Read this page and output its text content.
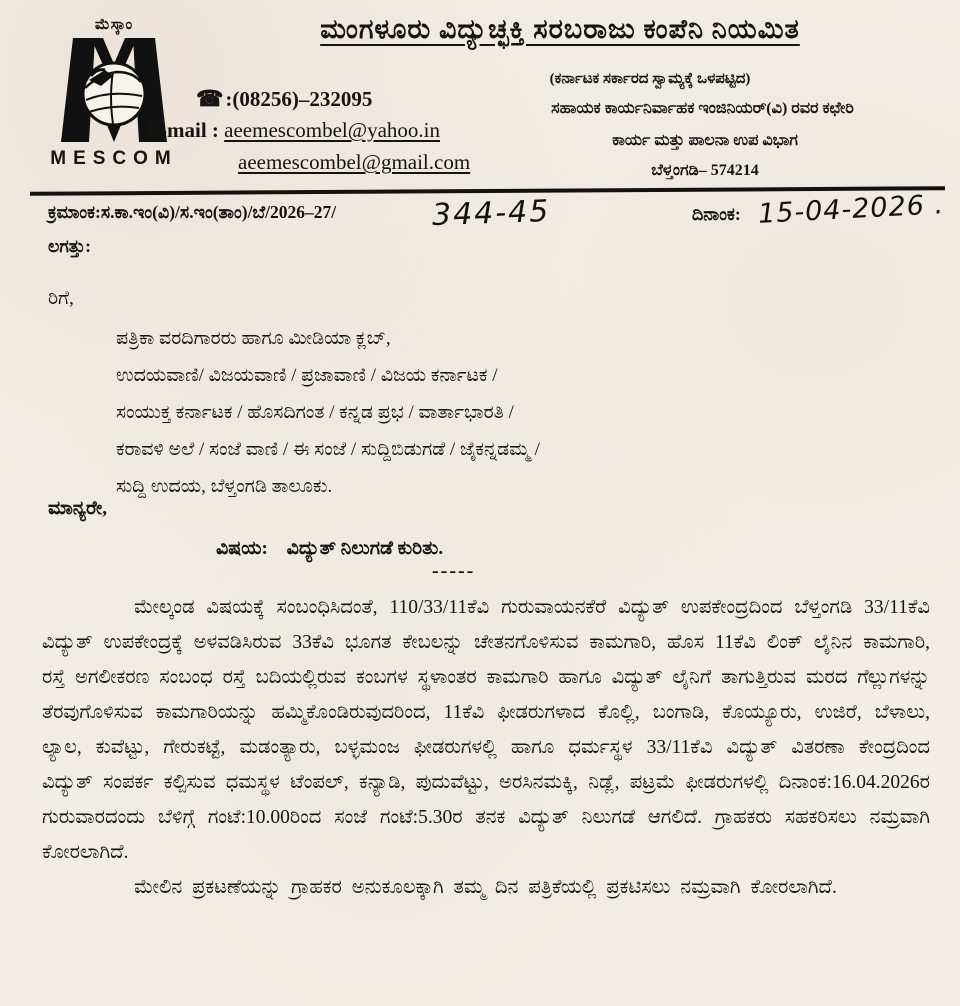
ಮೆಸ್ಕಾಂ
MESCOM
ಮಂಗಳೂರು ವಿದ್ಯುಚ್ಛಕ್ತಿ ಸರಬರಾಜು ಕಂಪೆನಿ ನಿಯಮಿತ
(ಕರ್ನಾಟಕ ಸರ್ಕಾರದ ಸ್ವಾಮ್ಯಕ್ಕೆ ಒಳಪಟ್ಟಿದ)
☎:(08256)–232095	ಸಹಾಯಕ ಕಾರ್ಯನಿರ್ವಾಹಕ ಇಂಜಿನಿಯರ್(ವಿ) ರವರ ಕಛೇರಿ
ಕಾರ್ಯ ಮತ್ತು ಪಾಲನಾ ಉಪ ವಿಭಾಗ
ಬೆಳ್ತಂಗಡಿ– 574214
E-mail : aeemescombel@yahoo.in
aeemescombel@gmail.com
ಕ್ರಮಾಂಕ:ಸ.ಕಾ.ಇಂ(ವಿ)/ಸ.ಇಂ(ತಾಂ)/ಬೆ/2026–27/	344-45	ದಿನಾಂಕ: 15-04-2026 .
ಲಗತ್ತು:
ರಿಗೆ,
ಪತ್ರಿಕಾ ವರದಿಗಾರರು ಹಾಗೂ ಮೀಡಿಯಾ ಕ್ಲಬ್,
ಉದಯವಾಣಿ/ ವಿಜಯವಾಣಿ / ಪ್ರಜಾವಾಣಿ / ವಿಜಯ ಕರ್ನಾಟಕ /
ಸಂಯುಕ್ತ ಕರ್ನಾಟಕ / ಹೊಸದಿಗಂತ / ಕನ್ನಡ ಪ್ರಭ / ವಾರ್ತಾಭಾರತಿ /
ಕರಾವಳಿ ಅಲೆ / ಸಂಜೆ ವಾಣಿ / ಈ ಸಂಜೆ / ಸುದ್ದಿಬಿಡುಗಡೆ / ಜೈಕನ್ನಡಮ್ಮ /
ಸುದ್ದಿ ಉದಯ, ಬೆಳ್ತಂಗಡಿ ತಾಲೂಕು.
ಮಾನ್ಯರೇ,
ವಿಷಯ: ವಿದ್ಯುತ್ ನಿಲುಗಡೆ ಕುರಿತು.
-----

ಮೇಲ್ಕಂಡ ವಿಷಯಕ್ಕೆ ಸಂಬಂಧಿಸಿದಂತೆ, 110/33/11ಕೆವಿ ಗುರುವಾಯನಕೆರೆ ವಿದ್ಯುತ್ ಉಪಕೇಂದ್ರದಿಂದ ಬೆಳ್ತಂಗಡಿ 33/11ಕೆವಿ ವಿದ್ಯುತ್ ಉಪಕೇಂದ್ರಕ್ಕೆ ಅಳವಡಿಸಿರುವ 33ಕೆವಿ ಭೂಗತ ಕೇಬಲನ್ನು ಚೇತನಗೊಳಿಸುವ ಕಾಮಗಾರಿ, ಹೊಸ 11ಕೆವಿ ಲಿಂಕ್ ಲೈನಿನ ಕಾಮಗಾರಿ, ರಸ್ತೆ ಅಗಲೀಕರಣ ಸಂಬಂಧ ರಸ್ತೆ ಬದಿಯಲ್ಲಿರುವ ಕಂಬಗಳ ಸ್ಥಳಾಂತರ ಕಾಮಗಾರಿ ಹಾಗೂ ವಿದ್ಯುತ್ ಲೈನಿಗೆ ತಾಗುತ್ತಿರುವ ಮರದ ಗೆಲ್ಲುಗಳನ್ನು ತೆರವುಗೊಳಿಸುವ ಕಾಮಗಾರಿಯನ್ನು ಹಮ್ಮಿಕೊಂಡಿರುವುದರಿಂದ, 11ಕೆವಿ ಫೀಡರುಗಳಾದ ಕೊಲ್ಲಿ, ಬಂಗಾಡಿ, ಕೊಯ್ಯೂರು, ಉಜಿರೆ, ಬೆಳಾಲು, ಲ್ಯಾಲ, ಕುವೆಟ್ಟು, ಗೇರುಕಟ್ಟೆ, ಮಡಂತ್ಯಾರು, ಬಳ್ಳಮಂಜ ಫೀಡರುಗಳಲ್ಲಿ ಹಾಗೂ ಧರ್ಮಸ್ಥಳ 33/11ಕೆವಿ ವಿದ್ಯುತ್ ವಿತರಣಾ ಕೇಂದ್ರದಿಂದ ವಿದ್ಯುತ್ ಸಂಪರ್ಕ ಕಲ್ಪಿಸುವ ಧಮಸ್ಥಳ ಟೆಂಪಲ್, ಕನ್ಯಾಡಿ, ಪುದುವೆಟ್ಟು, ಅರಸಿನಮಕ್ಕಿ, ನಿಡ್ಲೆ, ಪಟ್ರಮೆ ಫೀಡರುಗಳಲ್ಲಿ ದಿನಾಂಕ:16.04.2026ರ ಗುರುವಾರದಂದು ಬೆಳಿಗ್ಗೆ ಗಂಟೆ:10.00ರಿಂದ ಸಂಜೆ ಗಂಟೆ:5.30ರ ತನಕ ವಿದ್ಯುತ್ ನಿಲುಗಡೆ ಆಗಲಿದೆ. ಗ್ರಾಹಕರು ಸಹಕರಿಸಲು ನಮ್ರವಾಗಿ ಕೋರಲಾಗಿದೆ.

ಮೇಲಿನ ಪ್ರಕಟಣೆಯನ್ನು ಗ್ರಾಹಕರ ಅನುಕೂಲಕ್ಕಾಗಿ ತಮ್ಮ ದಿನ ಪತ್ರಿಕೆಯಲ್ಲಿ ಪ್ರಕಟಿಸಲು ನಮ್ರವಾಗಿ ಕೋರಲಾಗಿದೆ.
